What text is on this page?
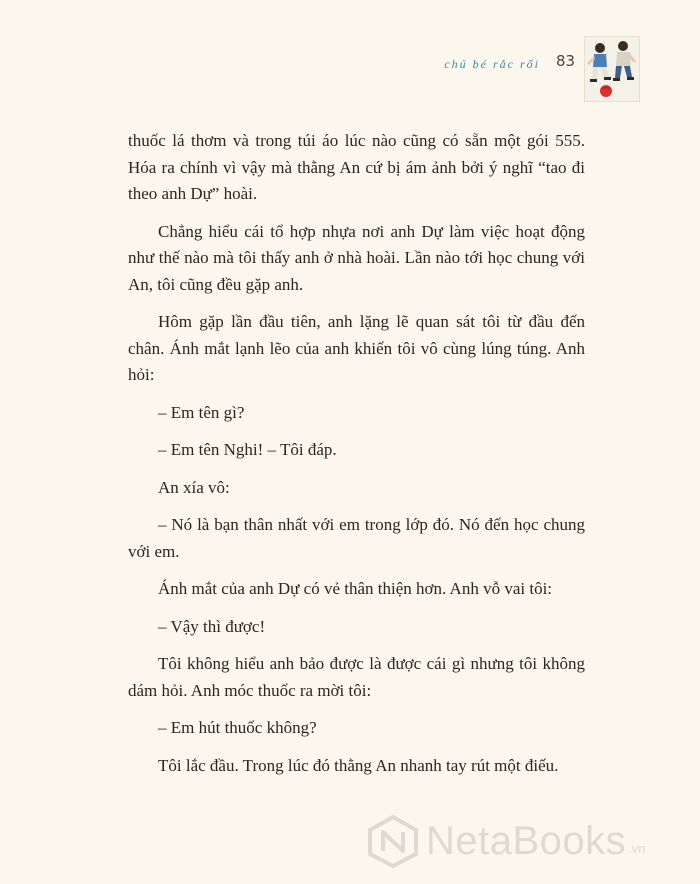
chú bé rắc rối 83

thuốc lá thơm và trong túi áo lúc nào cũng có sẵn một gói 555. Hóa ra chính vì vậy mà thằng An cứ bị ám ảnh bởi ý nghĩ “tao đi theo anh Dự” hoài.

Chẳng hiểu cái tổ hợp nhựa nơi anh Dự làm việc hoạt động như thế nào mà tôi thấy anh ở nhà hoài. Lần nào tới học chung với An, tôi cũng đều gặp anh.

Hôm gặp lần đầu tiên, anh lặng lẽ quan sát tôi từ đầu đến chân. Ánh mắt lạnh lẽo của anh khiến tôi vô cùng lúng túng. Anh hỏi:

– Em tên gì?

– Em tên Nghi! – Tôi đáp.

An xía vô:

– Nó là bạn thân nhất với em trong lớp đó. Nó đến học chung với em.

Ánh mắt của anh Dự có vẻ thân thiện hơn. Anh vỗ vai tôi:

– Vậy thì được!

Tôi không hiểu anh bảo được là được cái gì nhưng tôi không dám hỏi. Anh móc thuốc ra mời tôi:

– Em hút thuốc không?

Tôi lắc đầu. Trong lúc đó thằng An nhanh tay rút một điếu.

NetaBooks .vn
